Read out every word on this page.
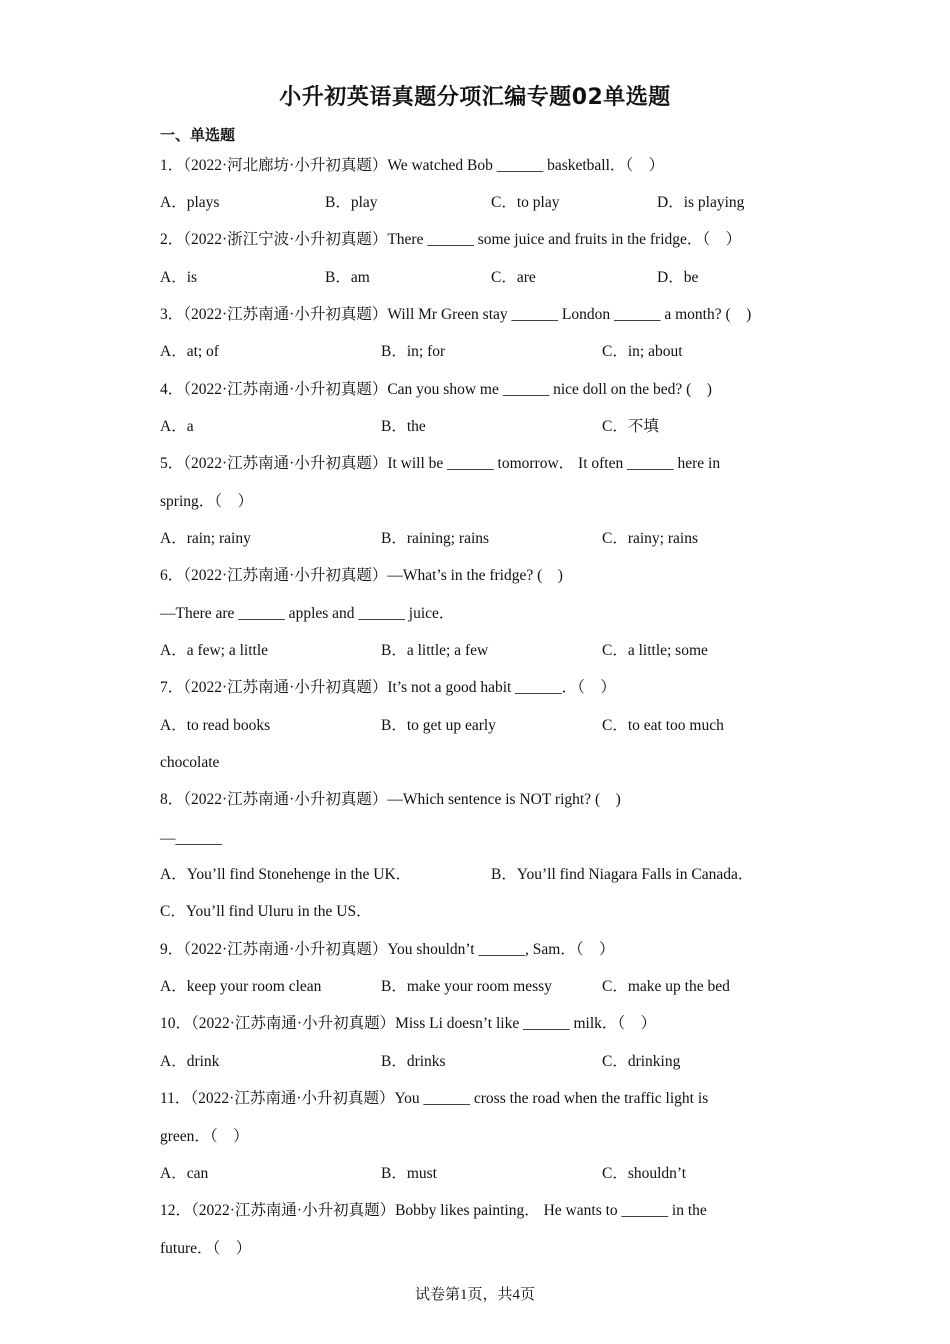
小升初英语真题分项汇编专题02单选题
一、单选题
1．（2022·河北廊坊·小升初真题）We watched Bob ______ basketball．（　）
A．plays	B．play	C．to play	D．is playing
2．（2022·浙江宁波·小升初真题）There ______ some juice and fruits in the fridge．（　）
A．is	B．am	C．are	D．be
3．（2022·江苏南通·小升初真题）Will Mr Green stay ______ London ______ a month? (　)
A．at; of	B．in; for	C．in; about
4．（2022·江苏南通·小升初真题）Can you show me ______ nice doll on the bed? (　)
A．a	B．the	C．不填
5．（2022·江苏南通·小升初真题）It will be ______ tomorrow． It often ______ here in
spring．（　）
A．rain; rainy	B．raining; rains	C．rainy; rains
6．（2022·江苏南通·小升初真题）—What’s in the fridge? (　)
—There are ______ apples and ______ juice．
A．a few; a little	B．a little; a few	C．a little; some
7．（2022·江苏南通·小升初真题）It’s not a good habit ______．（　）
A．to read books	B．to get up early	C．to eat too much
chocolate
8．（2022·江苏南通·小升初真题）—Which sentence is NOT right? (　)
—______
A．You’ll find Stonehenge in the UK．	B．You’ll find Niagara Falls in Canada．
C．You’ll find Uluru in the US．
9．（2022·江苏南通·小升初真题）You shouldn’t ______, Sam．（　）
A．keep your room clean	B．make your room messy	C．make up the bed
10．（2022·江苏南通·小升初真题）Miss Li doesn’t like ______ milk．（　）
A．drink	B．drinks	C．drinking
11．（2022·江苏南通·小升初真题）You ______ cross the road when the traffic light is
green．（　）
A．can	B．must	C．shouldn’t
12．（2022·江苏南通·小升初真题）Bobby likes painting． He wants to ______ in the
future．（　）
试卷第1页，共4页
